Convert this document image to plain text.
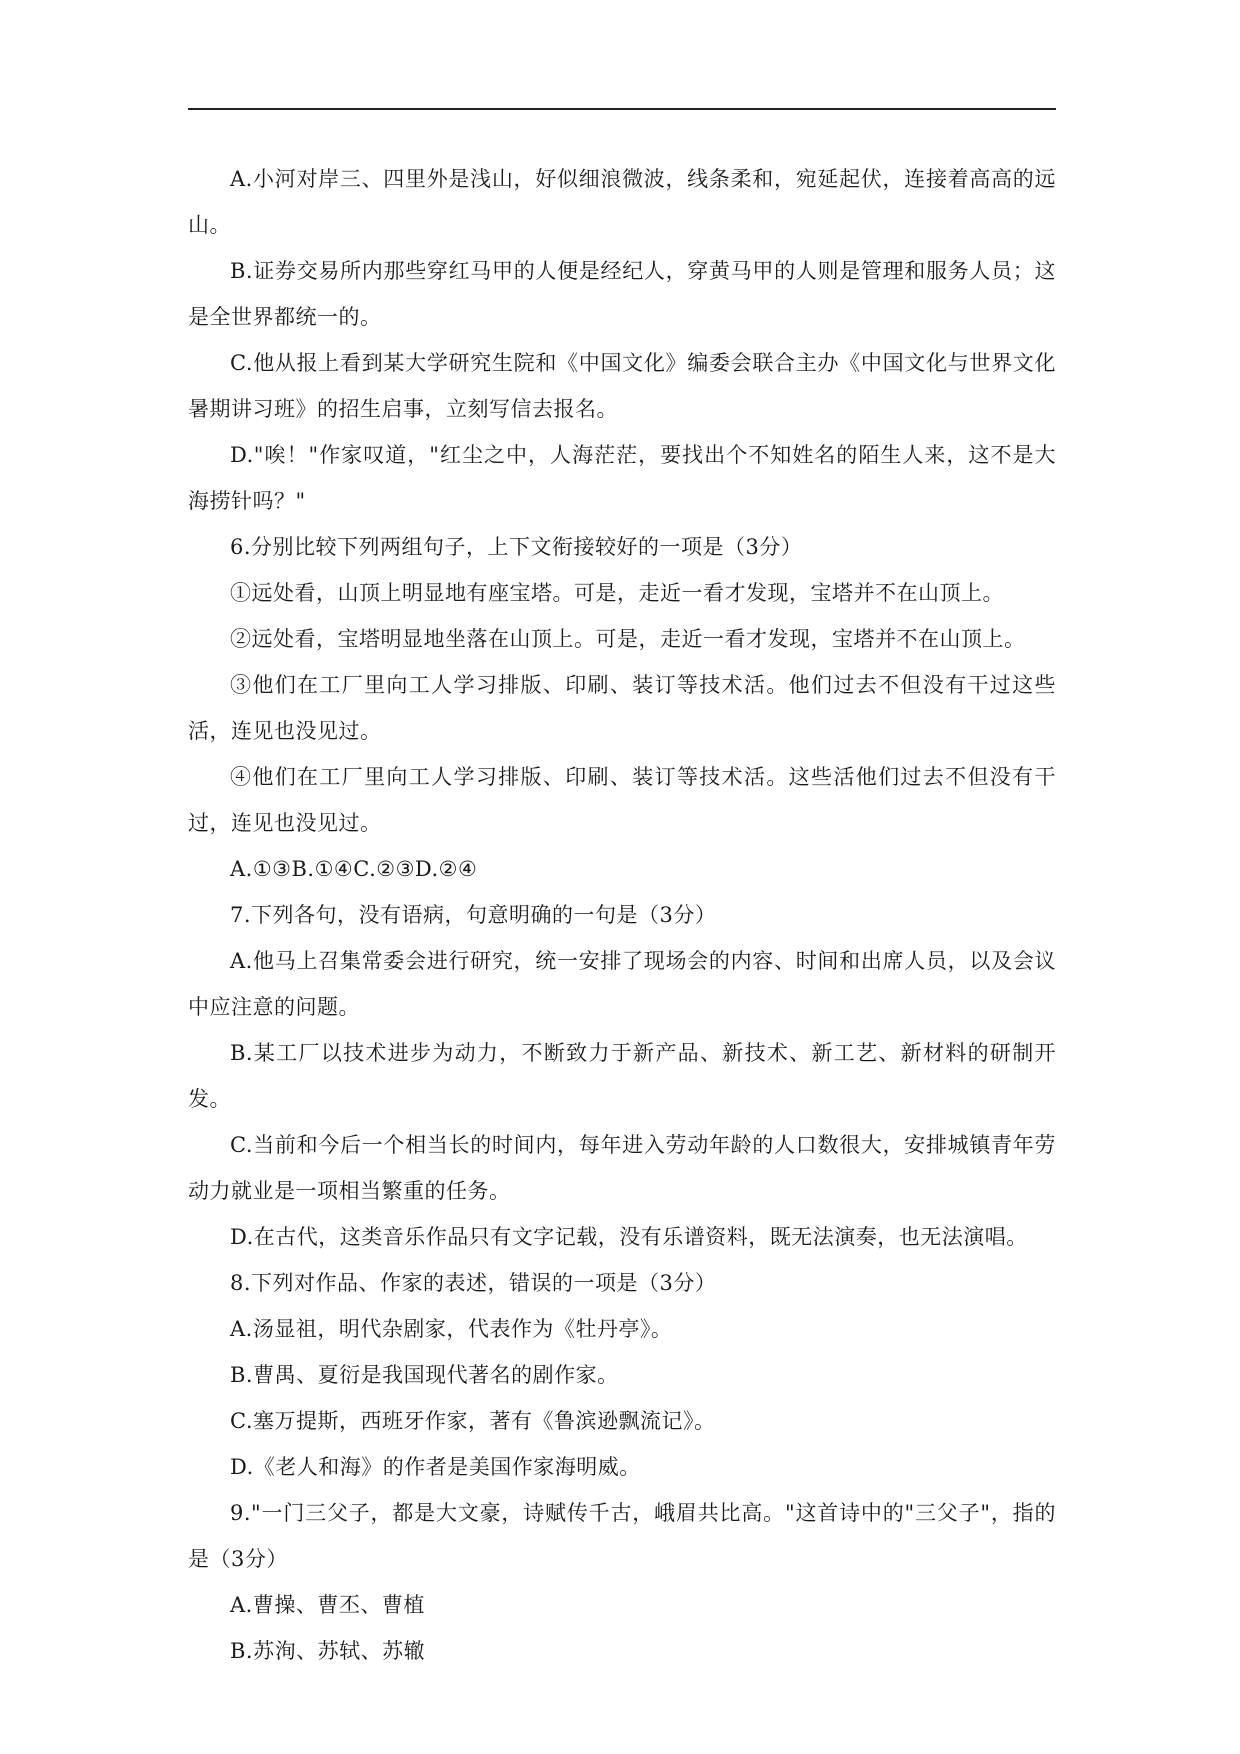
A.小河对岸三、四里外是浅山，好似细浪微波，线条柔和，宛延起伏，连接着高高的远山。

B.证券交易所内那些穿红马甲的人便是经纪人，穿黄马甲的人则是管理和服务人员；这是全世界都统一的。

C.他从报上看到某大学研究生院和《中国文化》编委会联合主办《中国文化与世界文化暑期讲习班》的招生启事，立刻写信去报名。

D."唉！"作家叹道，"红尘之中，人海茫茫，要找出个不知姓名的陌生人来，这不是大海捞针吗？"

6.分别比较下列两组句子，上下文衔接较好的一项是（3分）

①远处看，山顶上明显地有座宝塔。可是，走近一看才发现，宝塔并不在山顶上。

②远处看，宝塔明显地坐落在山顶上。可是，走近一看才发现，宝塔并不在山顶上。

③他们在工厂里向工人学习排版、印刷、装订等技术活。他们过去不但没有干过这些活，连见也没见过。

④他们在工厂里向工人学习排版、印刷、装订等技术活。这些活他们过去不但没有干过，连见也没见过。

A.①③B.①④C.②③D.②④

7.下列各句，没有语病，句意明确的一句是（3分）

A.他马上召集常委会进行研究，统一安排了现场会的内容、时间和出席人员，以及会议中应注意的问题。

B.某工厂以技术进步为动力，不断致力于新产品、新技术、新工艺、新材料的研制开发。

C.当前和今后一个相当长的时间内，每年进入劳动年龄的人口数很大，安排城镇青年劳动力就业是一项相当繁重的任务。

D.在古代，这类音乐作品只有文字记载，没有乐谱资料，既无法演奏，也无法演唱。

8.下列对作品、作家的表述，错误的一项是（3分）

A.汤显祖，明代杂剧家，代表作为《牡丹亭》。

B.曹禺、夏衍是我国现代著名的剧作家。

C.塞万提斯，西班牙作家，著有《鲁滨逊飘流记》。

D.《老人和海》的作者是美国作家海明威。

9."一门三父子，都是大文豪，诗赋传千古，峨眉共比高。"这首诗中的"三父子"，指的是（3分）

A.曹操、曹丕、曹植

B.苏洵、苏轼、苏辙
